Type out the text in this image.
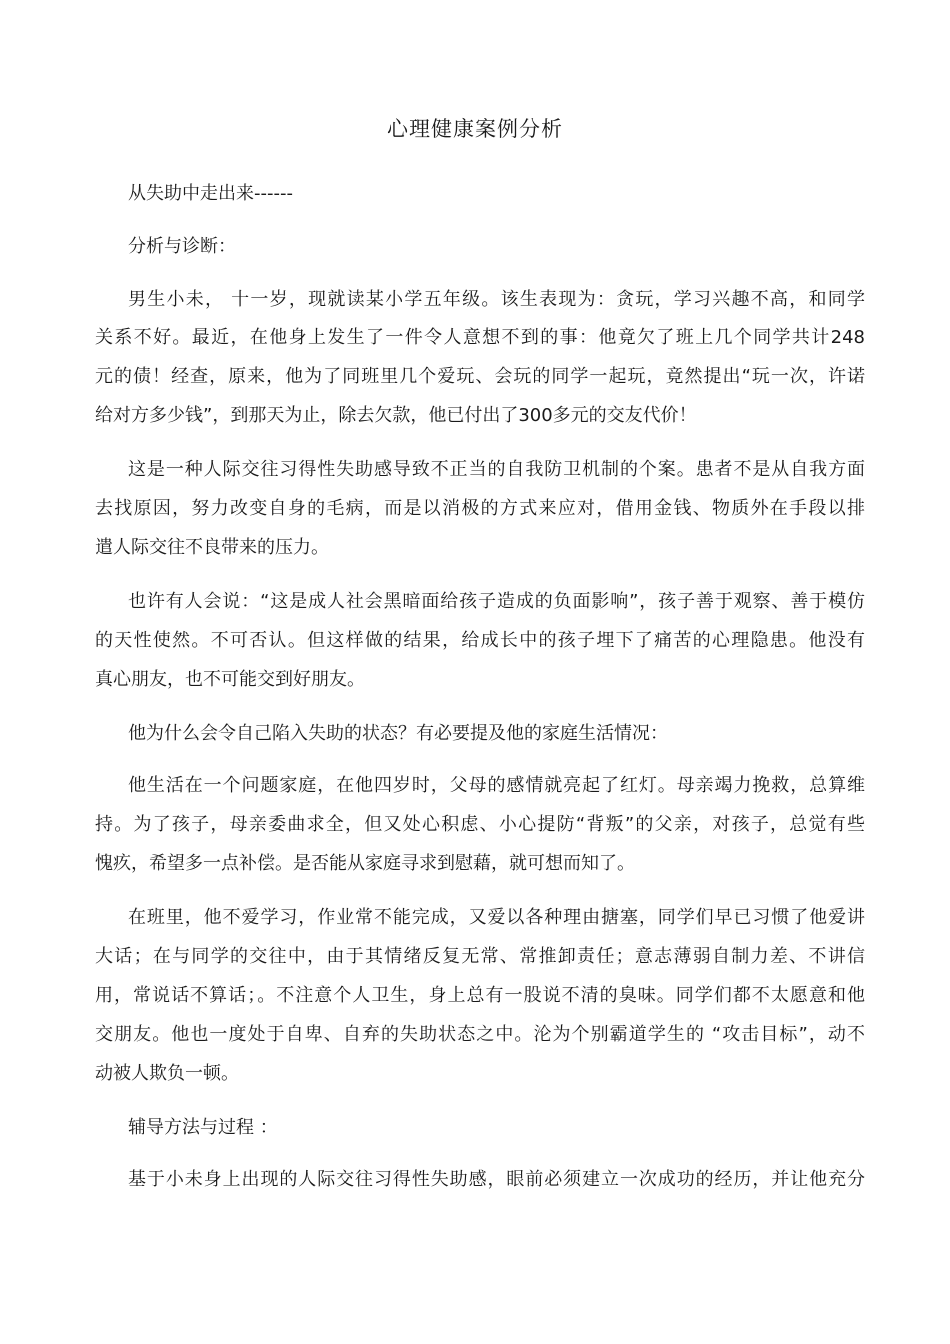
心理健康案例分析
从失助中走出来------
分析与诊断：
男生小未， 十一岁，现就读某小学五年级。该生表现为：贪玩，学习兴趣不高，和同学
关系不好。最近，在他身上发生了一件令人意想不到的事：他竟欠了班上几个同学共计248
元的债！经查，原来，他为了同班里几个爱玩、会玩的同学一起玩，竟然提出“玩一次，许诺
给对方多少钱”，到那天为止，除去欠款，他已付出了300多元的交友代价！
这是一种人际交往习得性失助感导致不正当的自我防卫机制的个案。患者不是从自我方面
去找原因，努力改变自身的毛病，而是以消极的方式来应对，借用金钱、物质外在手段以排
遣人际交往不良带来的压力。
也许有人会说：“这是成人社会黑暗面给孩子造成的负面影响”，孩子善于观察、善于模仿
的天性使然。不可否认。但这样做的结果，给成长中的孩子埋下了痛苦的心理隐患。他没有
真心朋友，也不可能交到好朋友。
他为什么会令自己陷入失助的状态？有必要提及他的家庭生活情况：
他生活在一个问题家庭，在他四岁时，父母的感情就亮起了红灯。母亲竭力挽救，总算维
持。为了孩子，母亲委曲求全，但又处心积虑、小心提防“背叛”的父亲，对孩子，总觉有些
愧疚，希望多一点补偿。是否能从家庭寻求到慰藉，就可想而知了。
在班里，他不爱学习，作业常不能完成，又爱以各种理由搪塞，同学们早已习惯了他爱讲
大话；在与同学的交往中，由于其情绪反复无常、常推卸责任；意志薄弱自制力差、不讲信
用，常说话不算话；。不注意个人卫生，身上总有一股说不清的臭味。同学们都不太愿意和他
交朋友。他也一度处于自卑、自弃的失助状态之中。沦为个别霸道学生的 “攻击目标”，动不
动被人欺负一顿。
辅导方法与过程 ：
基于小未身上出现的人际交往习得性失助感，眼前必须建立一次成功的经历，并让他充分
